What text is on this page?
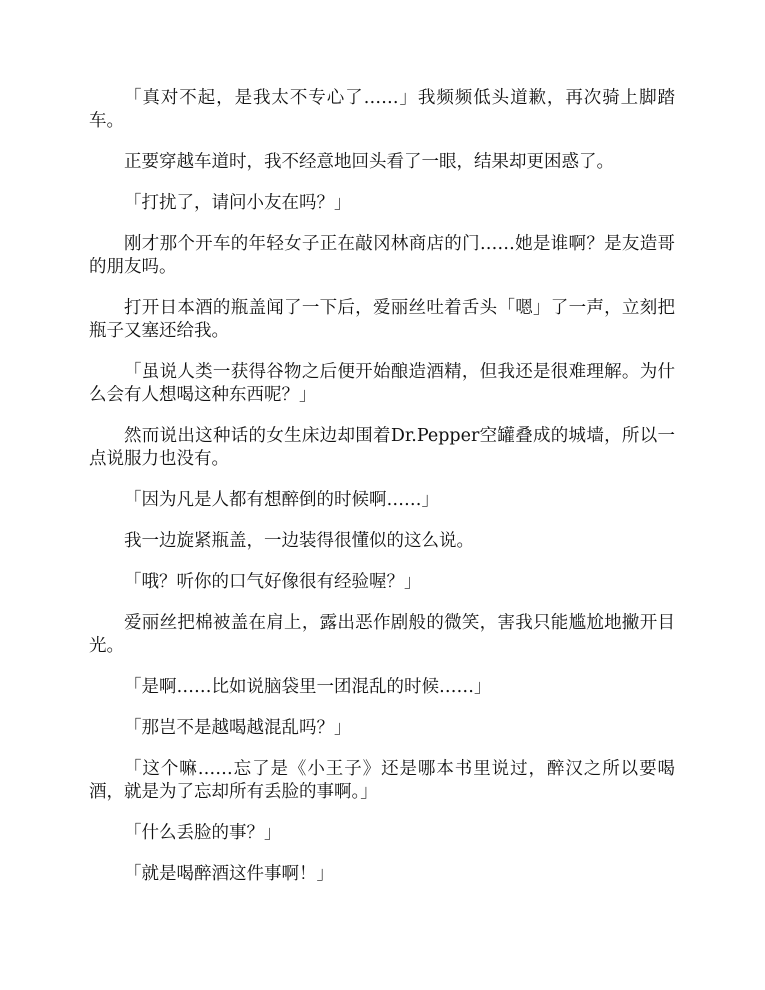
「真对不起，是我太不专心了……」我频频低头道歉，再次骑上脚踏车。

正要穿越车道时，我不经意地回头看了一眼，结果却更困惑了。

「打扰了，请问小友在吗？」

刚才那个开车的年轻女子正在敲冈林商店的门……她是谁啊？是友造哥的朋友吗。

打开日本酒的瓶盖闻了一下后，爱丽丝吐着舌头「嗯」了一声，立刻把瓶子又塞还给我。

「虽说人类一获得谷物之后便开始酿造酒精，但我还是很难理解。为什么会有人想喝这种东西呢？」

然而说出这种话的女生床边却围着Dr.Pepper空罐叠成的城墙，所以一点说服力也没有。

「因为凡是人都有想醉倒的时候啊……」

我一边旋紧瓶盖，一边装得很懂似的这么说。

「哦？听你的口气好像很有经验喔？」

爱丽丝把棉被盖在肩上，露出恶作剧般的微笑，害我只能尴尬地撇开目光。

「是啊……比如说脑袋里一团混乱的时候……」

「那岂不是越喝越混乱吗？」

「这个嘛……忘了是《小王子》还是哪本书里说过，醉汉之所以要喝酒，就是为了忘却所有丢脸的事啊。」

「什么丢脸的事？」

「就是喝醉酒这件事啊！」
